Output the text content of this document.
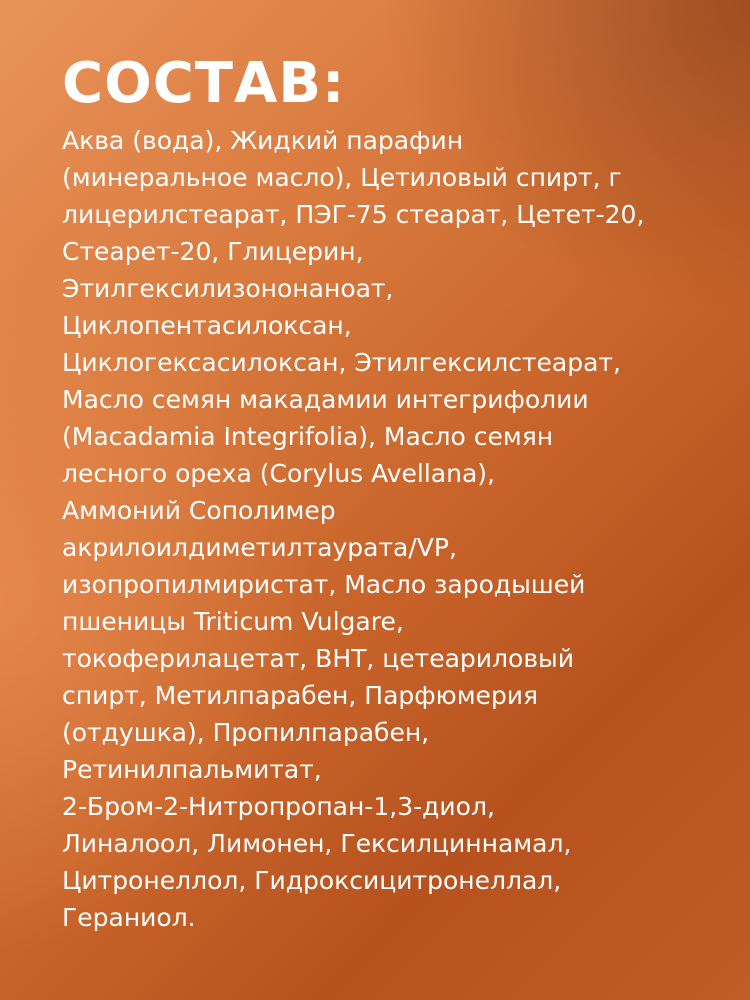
СОСТАВ:
Аква (вода), Жидкий парафин
(минеральное масло), Цетиловый спирт, г
лицерилстеарат, ПЭГ-75 стеарат, Цетет-20,
Стеарет-20, Глицерин,
Этилгексилизононаноат,
Циклопентасилоксан,
Циклогексасилоксан, Этилгексилстеарат,
Масло семян макадамии интегрифолии
(Macadamia Integrifolia), Масло семян
лесного ореха (Corylus Avellana),
Аммоний Сополимер
акрилоилдиметилтаурата/VP,
изопропилмиристат, Масло зародышей
пшеницы Triticum Vulgare,
токоферилацетат, BHT, цетеариловый
спирт, Метилпарабен, Парфюмерия
(отдушка), Пропилпарабен,
Ретинилпальмитат,
2-Бром-2-Нитропропан-1,3-диол,
Линалоол, Лимонен, Гексилциннамал,
Цитронеллол, Гидроксицитронеллал,
Гераниол.
